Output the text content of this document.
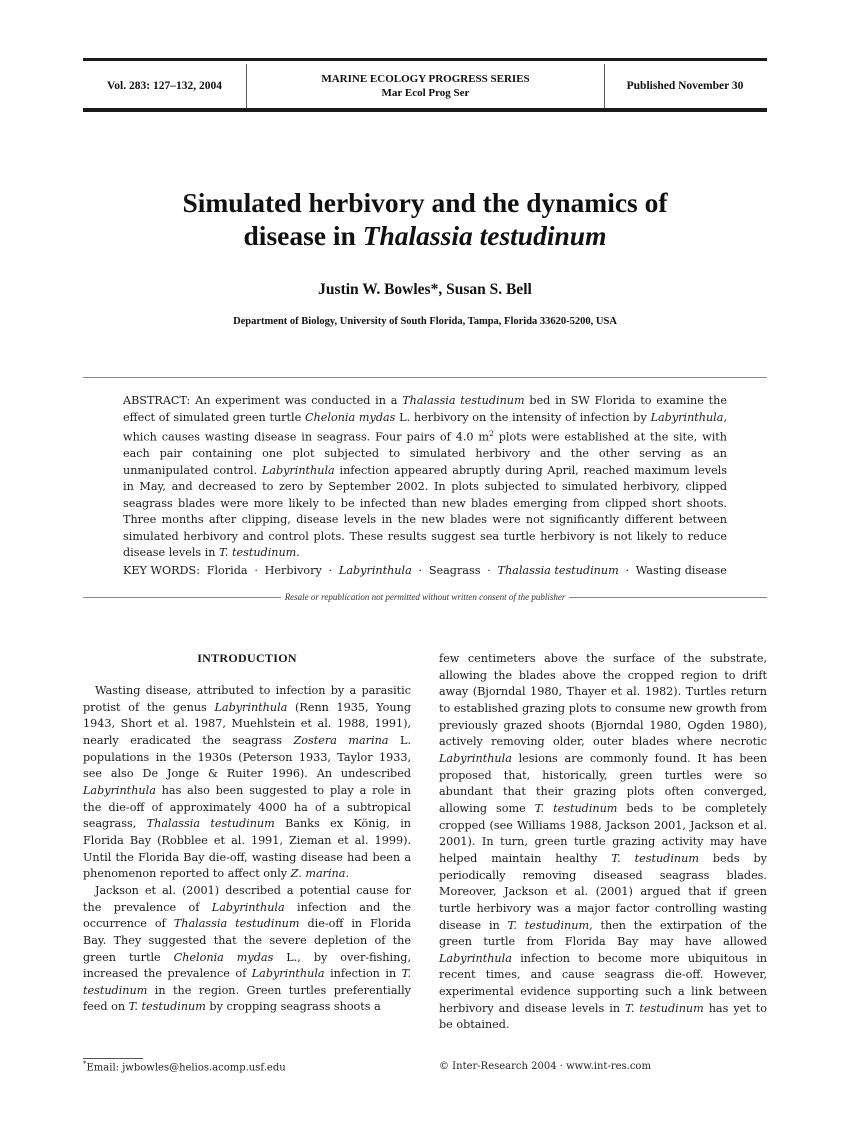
Vol. 283: 127–132, 2004
MARINE ECOLOGY PROGRESS SERIES
Mar Ecol Prog Ser
Published November 30
Simulated herbivory and the dynamics of
disease in Thalassia testudinum
Justin W. Bowles*, Susan S. Bell
Department of Biology, University of South Florida, Tampa, Florida 33620-5200, USA
ABSTRACT: An experiment was conducted in a Thalassia testudinum bed in SW Florida to examine the effect of simulated green turtle Chelonia mydas L. herbivory on the intensity of infection by Labyrinthula, which causes wasting disease in seagrass. Four pairs of 4.0 $m^2$ plots were established at the site, with each pair containing one plot subjected to simulated herbivory and the other serving as an unmanipulated control. Labyrinthula infection appeared abruptly during April, reached maximum levels in May, and decreased to zero by September 2002. In plots subjected to simulated herbivory, clipped seagrass blades were more likely to be infected than new blades emerging from clipped short shoots. Three months after clipping, disease levels in the new blades were not significantly different between simulated herbivory and control plots. These results suggest sea turtle herbivory is not likely to reduce disease levels in T. testudinum.
KEY WORDS: Florida · Herbivory · Labyrinthula · Seagrass · Thalassia testudinum · Wasting disease
Resale or republication not permitted without written consent of the publisher
INTRODUCTION

Wasting disease, attributed to infection by a parasitic protist of the genus Labyrinthula (Renn 1935, Young 1943, Short et al. 1987, Muehlstein et al. 1988, 1991), nearly eradicated the seagrass Zostera marina L. populations in the 1930s (Peterson 1933, Taylor 1933, see also De Jonge & Ruiter 1996). An undescribed Labyrinthula has also been suggested to play a role in the die-off of approximately 4000 ha of a subtropical seagrass, Thalassia testudinum Banks ex König, in Florida Bay (Robblee et al. 1991, Zieman et al. 1999). Until the Florida Bay die-off, wasting disease had been a phenomenon reported to affect only Z. marina.

Jackson et al. (2001) described a potential cause for the prevalence of Labyrinthula infection and the occurrence of Thalassia testudinum die-off in Florida Bay. They suggested that the severe depletion of the green turtle Chelonia mydas L., by over-fishing, increased the prevalence of Labyrinthula infection in T. testudinum in the region. Green turtles preferentially feed on T. testudinum by cropping seagrass shoots a

few centimeters above the surface of the substrate, allowing the blades above the cropped region to drift away (Bjorndal 1980, Thayer et al. 1982). Turtles return to established grazing plots to consume new growth from previously grazed shoots (Bjorndal 1980, Ogden 1980), actively removing older, outer blades where necrotic Labyrinthula lesions are commonly found. It has been proposed that, historically, green turtles were so abundant that their grazing plots often converged, allowing some T. testudinum beds to be completely cropped (see Williams 1988, Jackson 2001, Jackson et al. 2001). In turn, green turtle grazing activity may have helped maintain healthy T. testudinum beds by periodically removing diseased seagrass blades. Moreover, Jackson et al. (2001) argued that if green turtle herbivory was a major factor controlling wasting disease in T. testudinum, then the extirpation of the green turtle from Florida Bay may have allowed Labyrinthula infection to become more ubiquitous in recent times, and cause seagrass die-off. However, experimental evidence supporting such a link between herbivory and disease levels in T. testudinum has yet to be obtained.

*Email: jwbowles@helios.acomp.usf.edu	© Inter-Research 2004 · www.int-res.com
